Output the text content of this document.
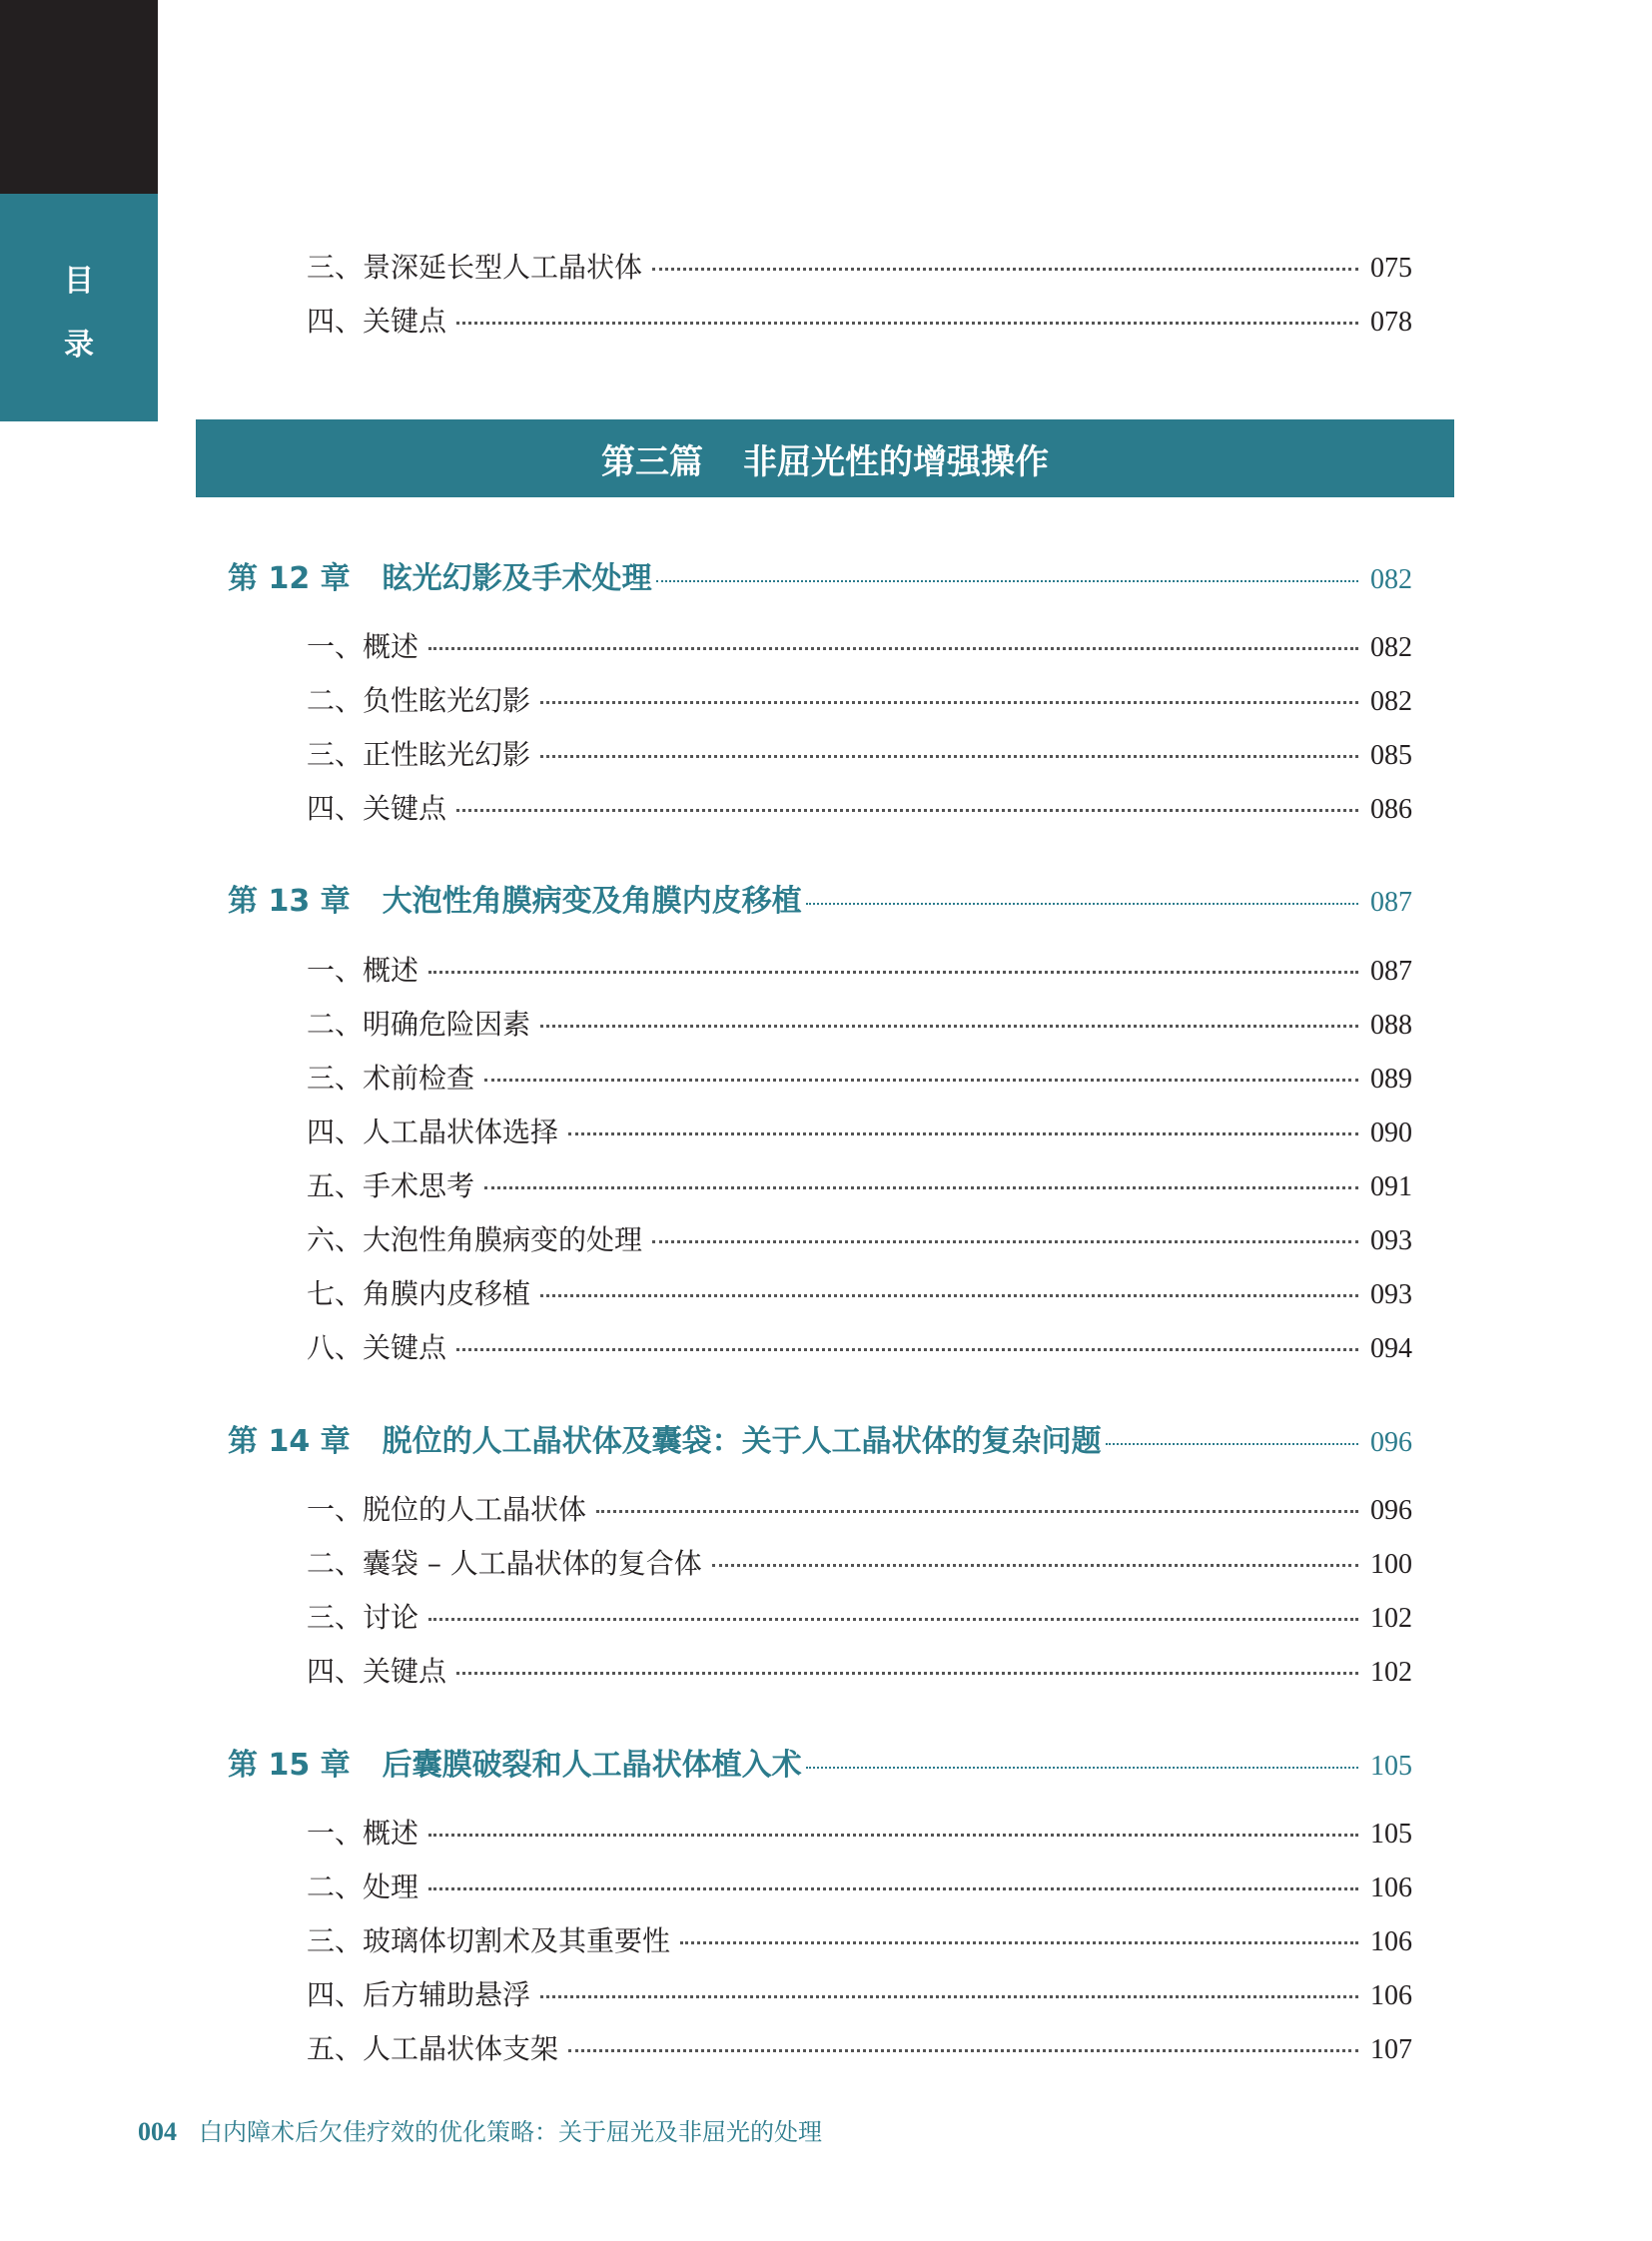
目
录
三、景深延长型人工晶状体	075
四、关键点	078
第三篇 非屈光性的增强操作
第 12 章 眩光幻影及手术处理	082
一、概述	082
二、负性眩光幻影	082
三、正性眩光幻影	085
四、关键点	086
第 13 章 大泡性角膜病变及角膜内皮移植	087
一、概述	087
二、明确危险因素	088
三、术前检查	089
四、人工晶状体选择	090
五、手术思考	091
六、大泡性角膜病变的处理	093
七、角膜内皮移植	093
八、关键点	094
第 14 章 脱位的人工晶状体及囊袋：关于人工晶状体的复杂问题	096
一、脱位的人工晶状体	096
二、囊袋 – 人工晶状体的复合体	100
三、讨论	102
四、关键点	102
第 15 章 后囊膜破裂和人工晶状体植入术	105
一、概述	105
二、处理	106
三、玻璃体切割术及其重要性	106
四、后方辅助悬浮	106
五、人工晶状体支架	107
004 白内障术后欠佳疗效的优化策略：关于屈光及非屈光的处理
